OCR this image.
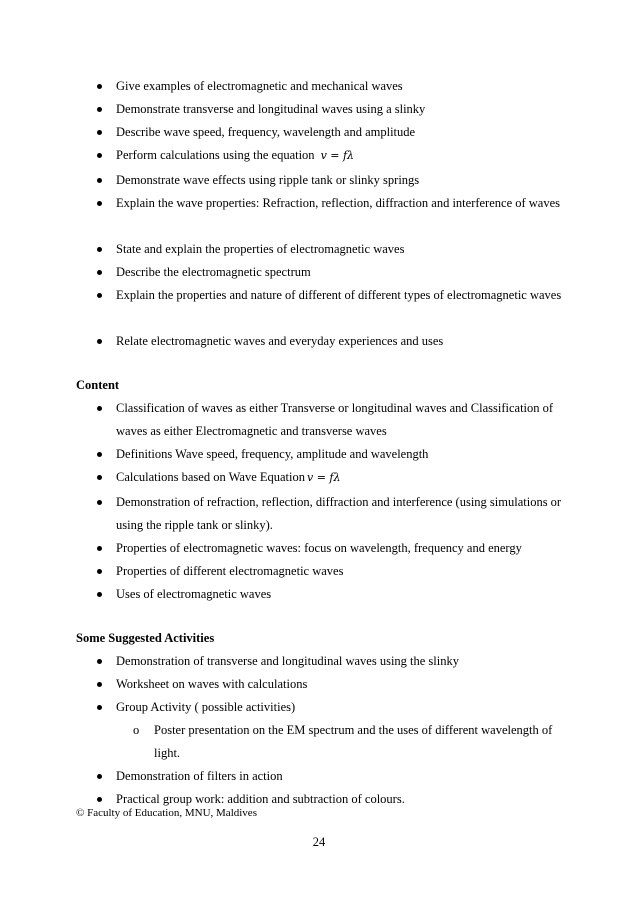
Give examples of electromagnetic and mechanical waves
Demonstrate transverse and longitudinal waves using a slinky
Describe wave speed, frequency, wavelength and amplitude
Perform calculations using the equation v = fλ
Demonstrate wave effects using ripple tank or slinky springs
Explain the wave properties: Refraction, reflection, diffraction and interference of waves
State and explain the properties of electromagnetic waves
Describe the electromagnetic spectrum
Explain the properties and nature of different of different types of electromagnetic waves
Relate electromagnetic waves and everyday experiences and uses
Content
Classification of waves as either Transverse or longitudinal waves and Classification of waves as either Electromagnetic and transverse waves
Definitions Wave speed, frequency, amplitude and wavelength
Calculations based on Wave Equation v = fλ
Demonstration of refraction, reflection, diffraction and interference (using simulations or using the ripple tank or slinky).
Properties of electromagnetic waves: focus on wavelength, frequency and energy
Properties of different electromagnetic waves
Uses of electromagnetic waves
Some Suggested Activities
Demonstration of transverse and longitudinal waves using the slinky
Worksheet on waves with calculations
Group Activity ( possible activities)
o Poster presentation on the EM spectrum and the uses of different wavelength of light.
Demonstration of filters in action
Practical group work: addition and subtraction of colours.
© Faculty of Education, MNU, Maldives
24
